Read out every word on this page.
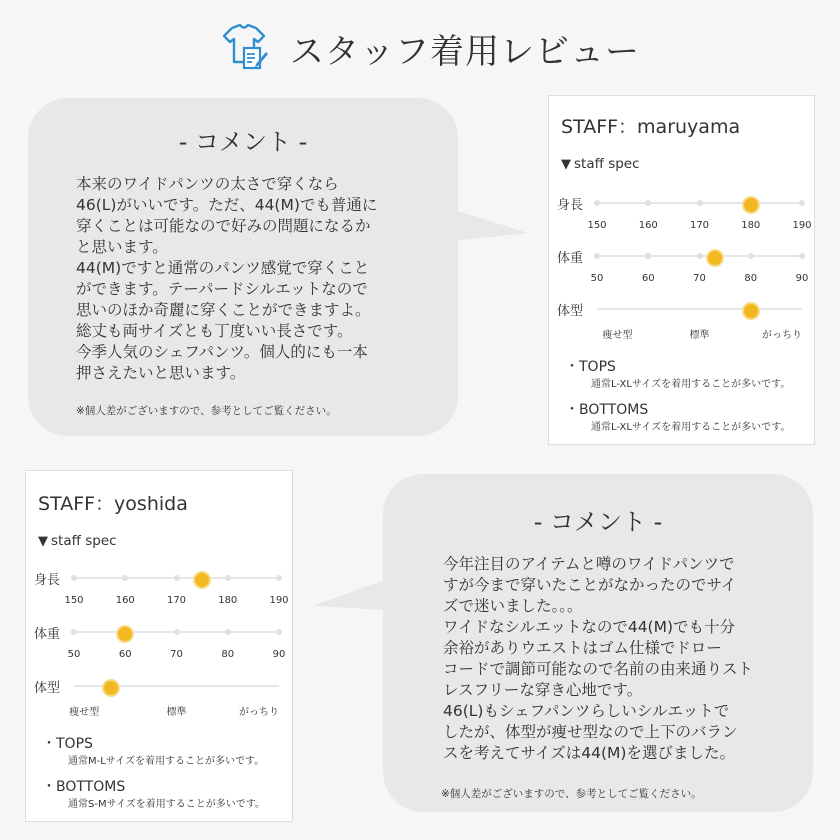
スタッフ着用レビュー
- コメント -
本来のワイドパンツの太さで穿くなら
46(L)がいいです。ただ、44(M)でも普通に
穿くことは可能なので好みの問題になるか
と思います。
44(M)ですと通常のパンツ感覚で穿くこと
ができます。テーパードシルエットなので
思いのほか奇麗に穿くことができますよ。
総丈も両サイズとも丁度いい長さです。
今季人気のシェフパンツ。個人的にも一本
押さえたいと思います。
※個人差がございますので、参考としてご覧ください。
- コメント -
今年注目のアイテムと噂のワイドパンツで
すが今まで穿いたことがなかったのでサイ
ズで迷いました。。。
ワイドなシルエットなので44(M)でも十分
余裕がありウエストはゴム仕様でドロー
コードで調節可能なので名前の由来通りスト
レスフリーな穿き心地です。
46(L)もシェフパンツらしいシルエットで
したが、体型が痩せ型なので上下のバラン
スを考えてサイズは44(M)を選びました。
※個人差がございますので、参考としてご覧ください。
STAFF：maruyama
▼ staff spec
身長
150	160	170	180	190
体重
50	60	70	80	90
体型
痩せ型	標準	がっちり
・TOPS
通常L-XLサイズを着用することが多いです。
・BOTTOMS
通常L-XLサイズを着用することが多いです。
STAFF：yoshida
▼ staff spec
身長
150	160	170	180	190
体重
50	60	70	80	90
体型
痩せ型	標準	がっちり
・TOPS
通常M-Lサイズを着用することが多いです。
・BOTTOMS
通常S-Mサイズを着用することが多いです。
